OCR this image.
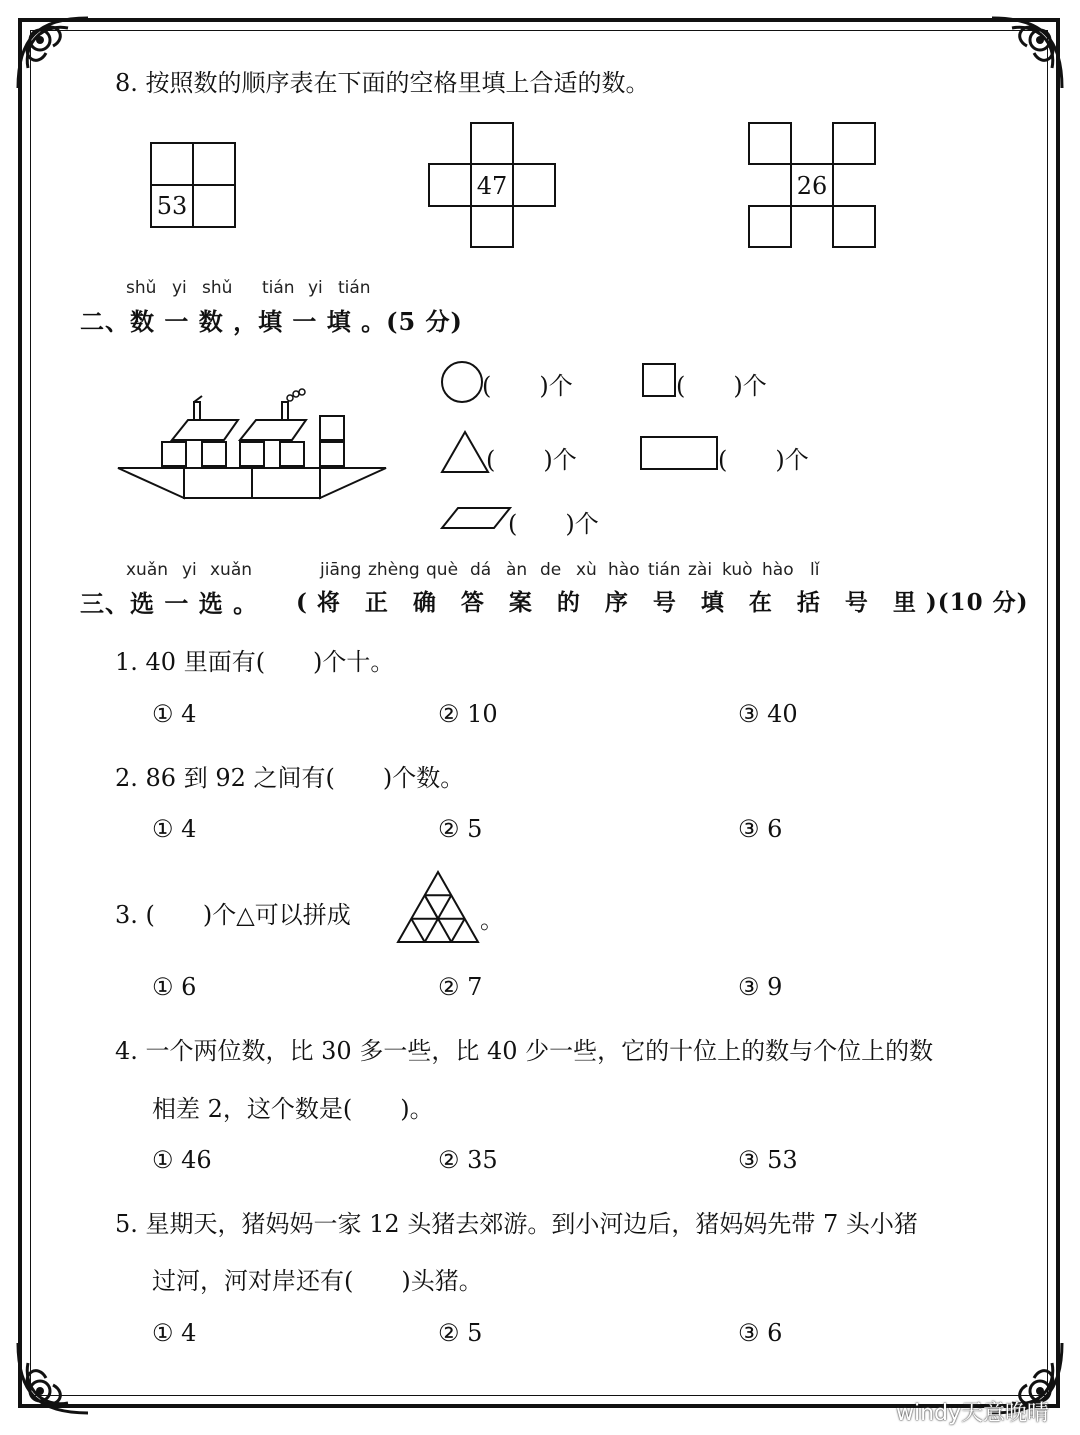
8. 按照数的顺序表在下面的空格里填上合适的数。
53
47	26
shǔ yi shǔ tián yi tián
二、数 一 数 ，填 一 填 。(5 分)
(　　)个	(　　)个
(　　)个	(　　)个
(　　)个
xuǎn yi xuǎn	jiāng zhèng què dá àn de xù hào tián zài kuò hào lǐ
三、选 一 选 。 ( 将　正　确　答　案　的　序　号　填　在　括　号　里 )(10 分)
1. 40 里面有(　　)个十。
① 4	② 10	③ 40
2. 86 到 92 之间有(　　)个数。
① 4	② 5	③ 6
3. (　　)个△可以拼成	。
① 6	② 7	③ 9
4. 一个两位数，比 30 多一些，比 40 少一些，它的十位上的数与个位上的数
相差 2，这个数是(　　)。
① 46	② 35	③ 53
5. 星期天，猪妈妈一家 12 头猪去郊游。到小河边后，猪妈妈先带 7 头小猪
过河，河对岸还有(　　)头猪。
① 4	② 5	③ 6
windy天意晚晴
